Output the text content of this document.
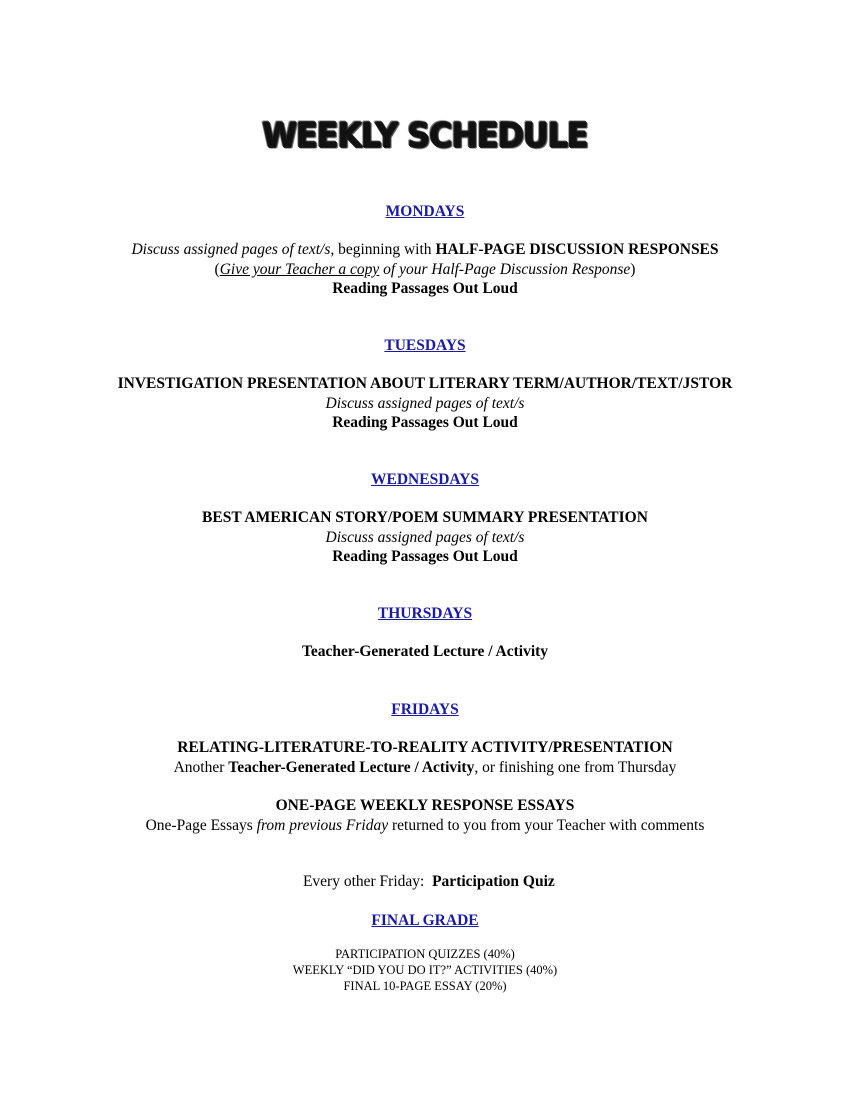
WEEKLY SCHEDULE
MONDAYS
Discuss assigned pages of text/s, beginning with HALF-PAGE DISCUSSION RESPONSES
(Give your Teacher a copy of your Half-Page Discussion Response)
Reading Passages Out Loud
TUESDAYS
INVESTIGATION PRESENTATION ABOUT LITERARY TERM/AUTHOR/TEXT/JSTOR
Discuss assigned pages of text/s
Reading Passages Out Loud
WEDNESDAYS
BEST AMERICAN STORY/POEM SUMMARY PRESENTATION
Discuss assigned pages of text/s
Reading Passages Out Loud
THURSDAYS
Teacher-Generated Lecture / Activity
FRIDAYS
RELATING-LITERATURE-TO-REALITY ACTIVITY/PRESENTATION
Another Teacher-Generated Lecture / Activity, or finishing one from Thursday
ONE-PAGE WEEKLY RESPONSE ESSAYS
One-Page Essays from previous Friday returned to you from your Teacher with comments

Every other Friday:  Participation Quiz

FINAL GRADE
PARTICIPATION QUIZZES (40%)
WEEKLY “DID YOU DO IT?” ACTIVITIES (40%)
FINAL 10-PAGE ESSAY (20%)
